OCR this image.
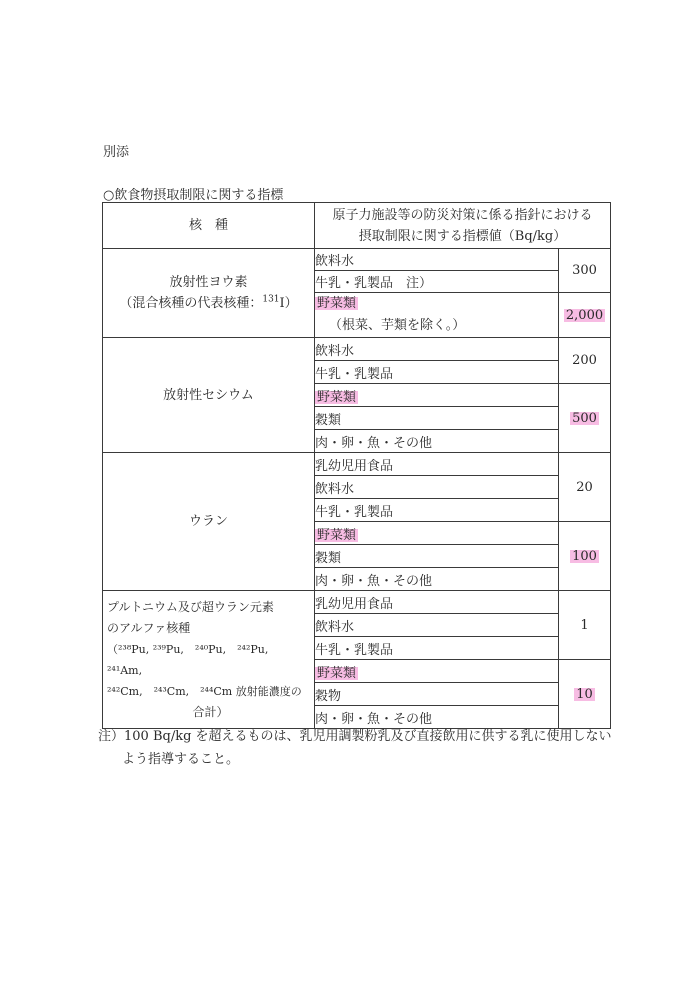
別添
○飲食物摂取制限に関する指標
核　種	原子力施設等の防災対策に係る指針における
摂取制限に関する指標値（Bq/kg）	

放射性ヨウ素
（混合核種の代表核種：$^{131}$I）	飲料水	300
	牛乳・乳製品　注）	

	野菜類
（根菜、芋類を除く。）	2,000

放射性セシウム	飲料水	200
	牛乳・乳製品	
	野菜類	500
	穀類	
	肉・卵・魚・その他	

ウラン	乳幼児用食品	20
	飲料水	
	牛乳・乳製品	
	野菜類	100
	穀類	
	肉・卵・魚・その他	

プルトニウム及び超ウラン元素
のアルファ核種
（²³⁸Pu, ²³⁹Pu,　²⁴⁰Pu,　²⁴²Pu,　²⁴¹Am,
²⁴²Cm,　²⁴³Cm,　²⁴⁴Cm 放射能濃度の
合計）	乳幼児用食品	1
	飲料水	
	牛乳・乳製品	
	野菜類	10
	穀物	
	肉・卵・魚・その他	
注）100 Bq/kg を超えるものは、乳児用調製粉乳及び直接飲用に供する乳に使用しない
よう指導すること。
